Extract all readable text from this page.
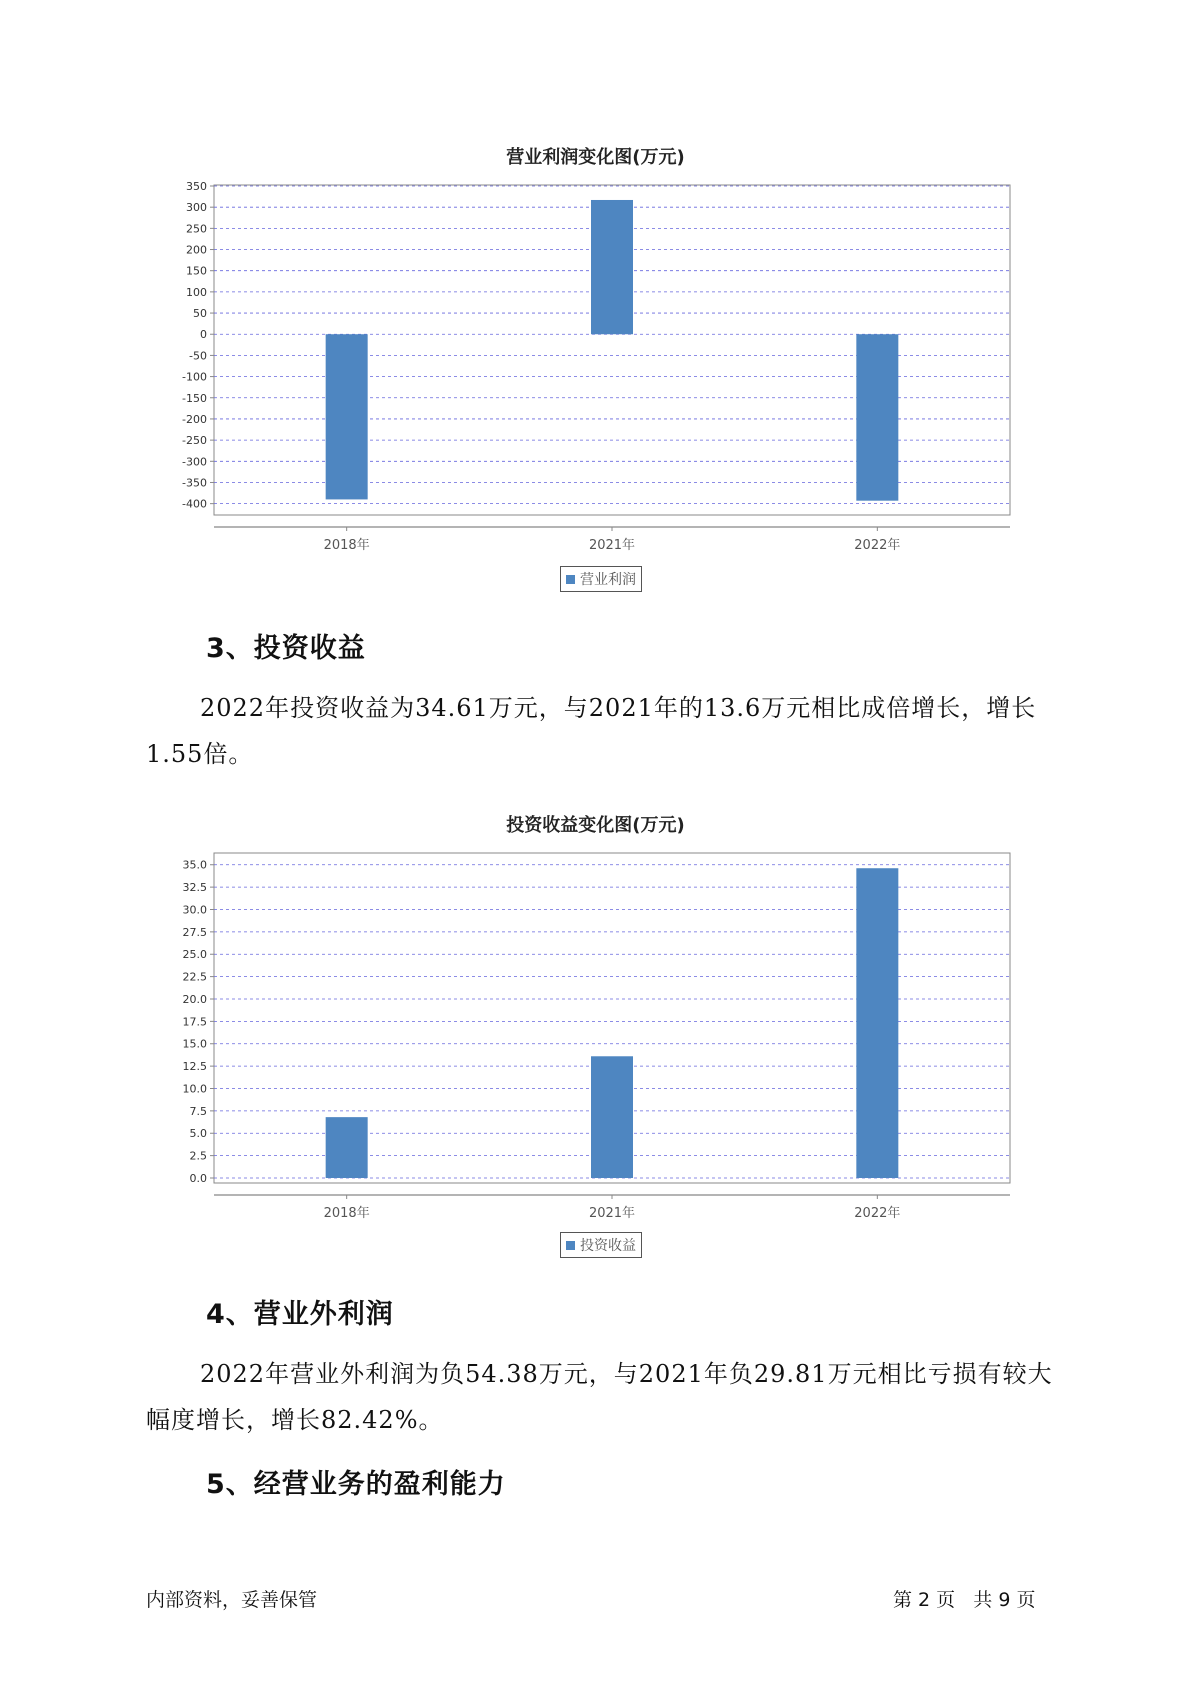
营业利润变化图(万元)
350
300
250
200
150
100
50
0
-50
-100
-150
-200
-250
-300
-350
-400
2018年	2021年	2022年
营业利润
3、投资收益
2022年投资收益为34.61万元，与2021年的13.6万元相比成倍增长，增长1.55倍。
投资收益变化图(万元)
35.0
32.5
30.0
27.5
25.0
22.5
20.0
17.5
15.0
12.5
10.0
7.5
5.0
2.5
0.0
2018年	2021年	2022年
投资收益
4、营业外利润
2022年营业外利润为负54.38万元，与2021年负29.81万元相比亏损有较大幅度增长，增长82.42%。
5、经营业务的盈利能力
内部资料，妥善保管	第 2 页   共 9 页
